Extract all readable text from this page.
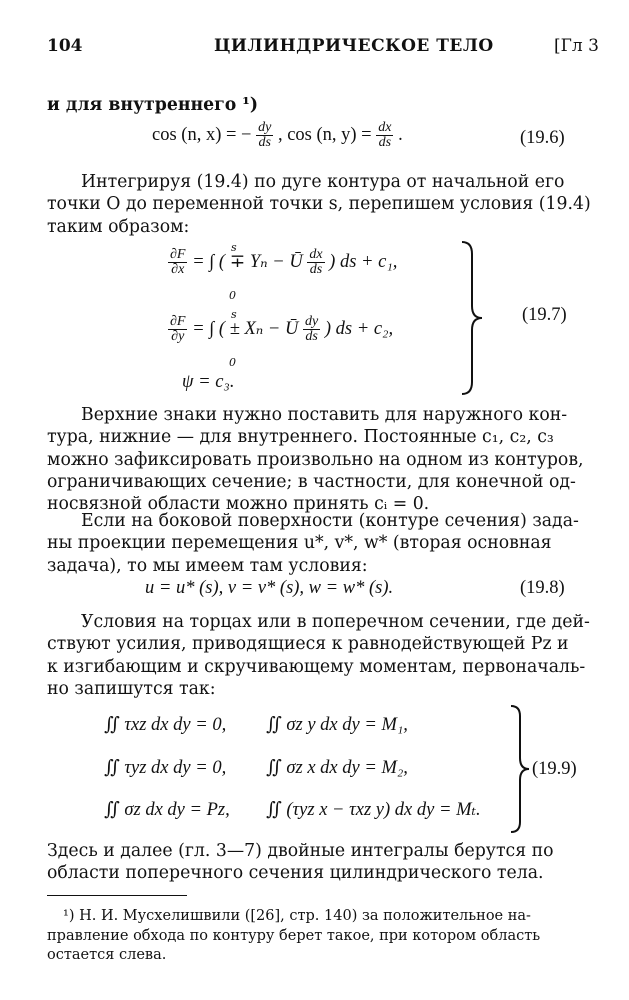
104	ЦИЛИНДРИЧЕСКОЕ ТЕЛО	[Гл 3
и для внутреннего ¹)
cos (n, x) = − $\frac{dy}{ds}$ , cos (n, $y) = \frac{dx}{ds}$ .	(19.6)
Интегрируя (19.4) по дуге контура от начальной его
точки O до переменной точки s, перепишем условия (19.4)
таким образом:
$\frac{\partial F}{\partial x}$ = ∫ ( ∓ Yₙ − Ū $\frac{dx}{ds}$ ) ds + c₁,
s
0
$\frac{\partial F}{\partial y}$ = ∫ ( ± Xₙ − Ū $\frac{dy}{ds}$ ) ds + c₂,
s
0
ψ = c₃.
(19.7)
Верхние знаки нужно поставить для наружного кон-
тура, нижние — для внутреннего. Постоянные c₁, c₂, c₃
можно зафиксировать произвольно на одном из контуров,
ограничивающих сечение; в частности, для конечной од-
носвязной области можно принять cᵢ = 0.
Если на боковой поверхности (контуре сечения) зада-
ны проекции перемещения u*, v*, w* (вторая основная
задача), то мы имеем там условия:
u = u* (s), v = v* (s), w = w* (s).	(19.8)
Условия на торцах или в поперечном сечении, где дей-
ствуют усилия, приводящиеся к равнодействующей Pz и
к изгибающим и скручивающему моментам, первоначаль-
но запишутся так:
∬ τxz dx dy = 0, ∬ σz y dx dy = M₁,
∬ τyz dx dy = 0, ∬ σz x dx dy = M₂,
∬ σz dx dy = Pz, ∬ (τyz x − τxz y) dx dy = Mₜ.
(19.9)
Здесь и далее (гл. 3—7) двойные интегралы берутся по
области поперечного сечения цилиндрического тела.
¹) Н. И. Мусхелишвили ([26], стр. 140) за положительное на-
правление обхода по контуру берет такое, при котором область
остается слева.
